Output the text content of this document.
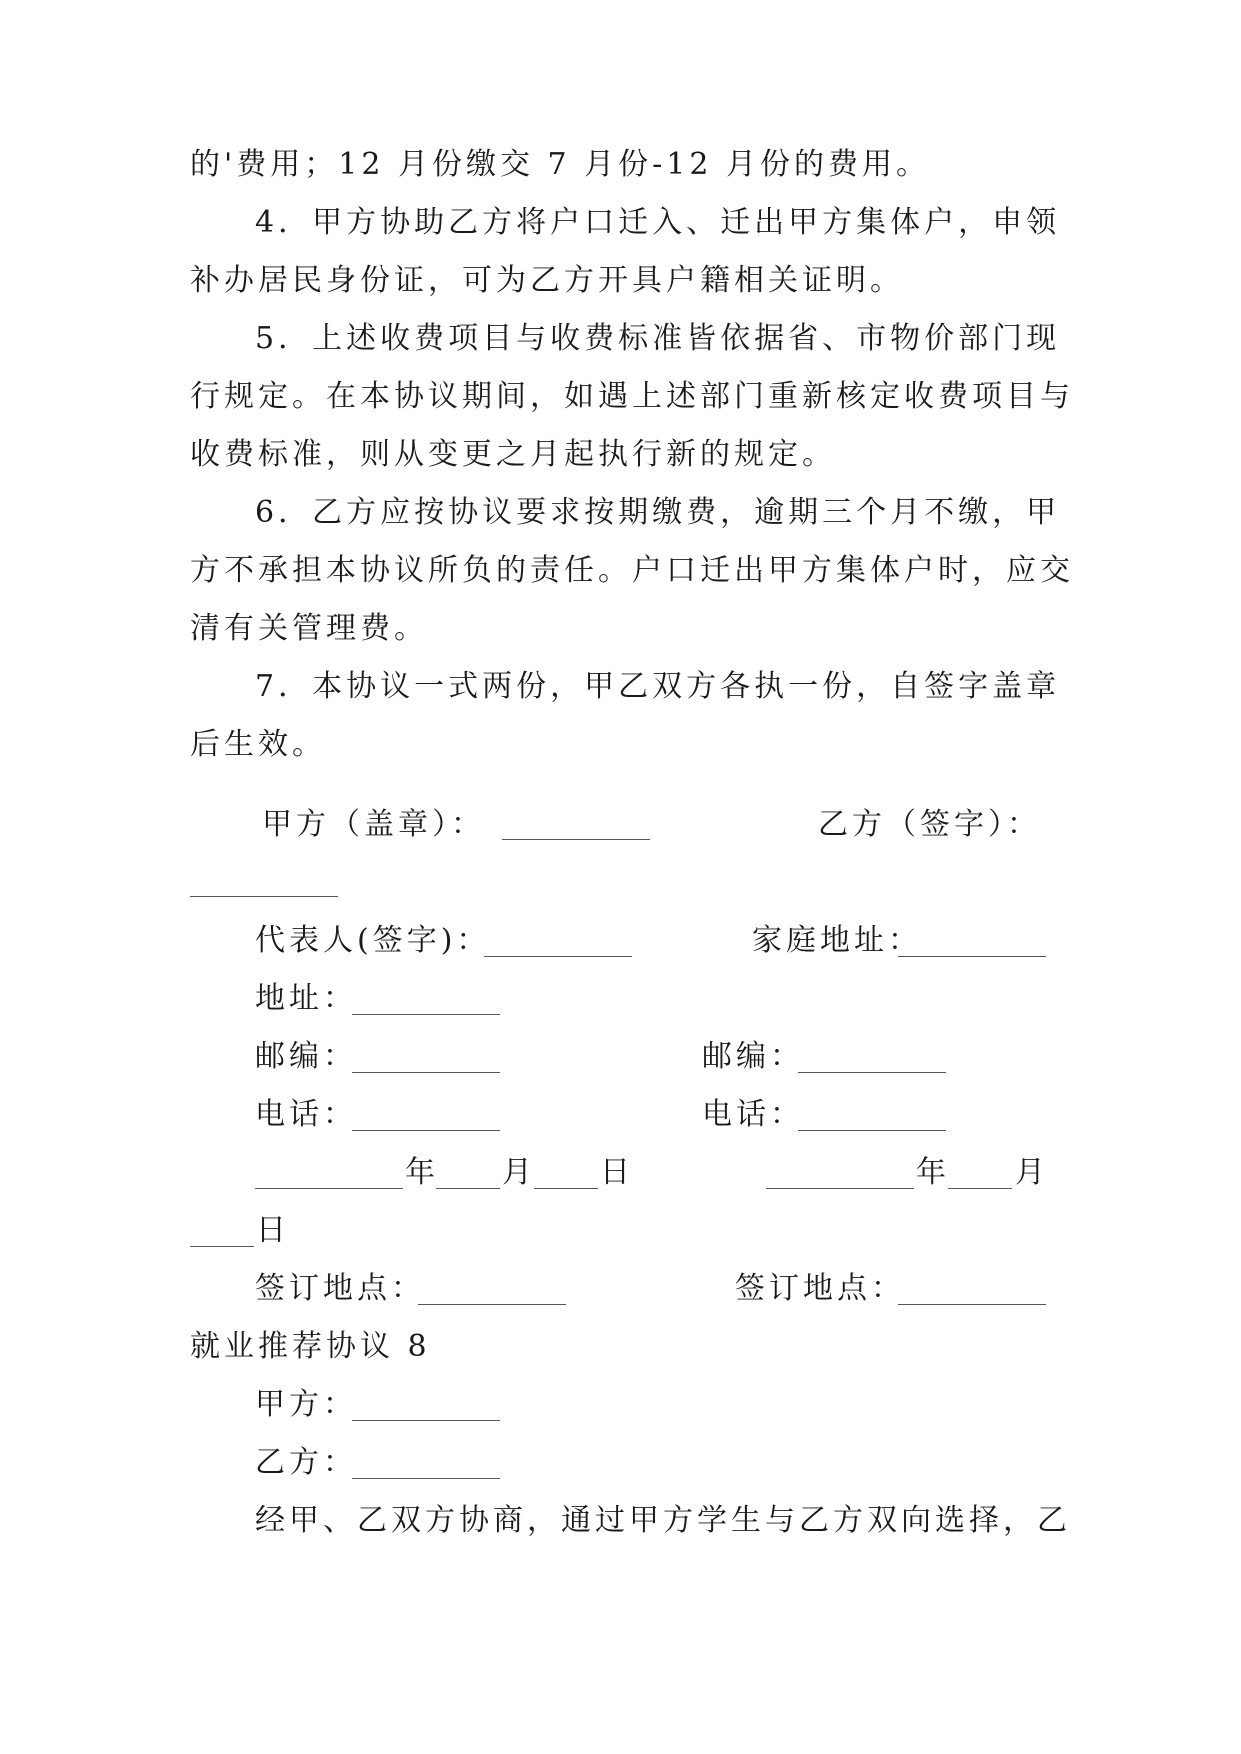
的'费用；12 月份缴交 7 月份-12 月份的费用。
4．甲方协助乙方将户口迁入、迁出甲方集体户，申领
补办居民身份证，可为乙方开具户籍相关证明。
5．上述收费项目与收费标准皆依据省、市物价部门现
行规定。在本协议期间，如遇上述部门重新核定收费项目与
收费标准，则从变更之月起执行新的规定。
6．乙方应按协议要求按期缴费，逾期三个月不缴，甲
方不承担本协议所负的责任。户口迁出甲方集体户时，应交
清有关管理费。
7．本协议一式两份，甲乙双方各执一份，自签字盖章
后生效。
甲方（盖章）：	乙方（签字）：
代表人(签字)：	家庭地址：
地址：
邮编：	邮编：
电话：	电话：
年 月 日	年 月
日
签订地点：	签订地点：
就业推荐协议 8
甲方：
乙方：
经甲、乙双方协商，通过甲方学生与乙方双向选择，乙
